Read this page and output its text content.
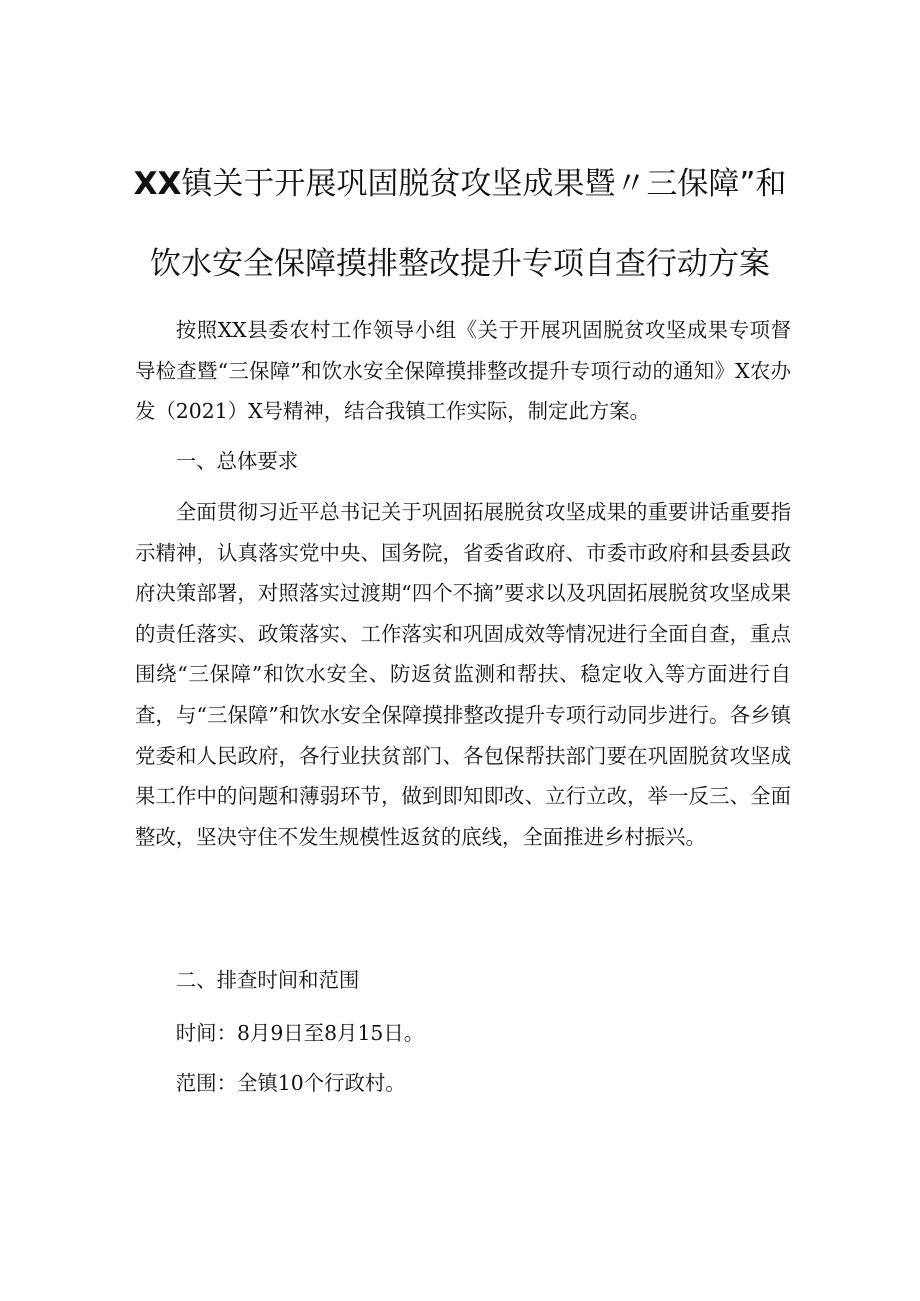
XX镇关于开展巩固脱贫攻坚成果暨〃三保障”和
饮水安全保障摸排整改提升专项自查行动方案

按照XX县委农村工作领导小组《关于开展巩固脱贫攻坚成果专项督导检查暨“三保障”和饮水安全保障摸排整改提升专项行动的通知》X农办发（2021）X号精神，结合我镇工作实际，制定此方案。

一、总体要求

全面贯彻习近平总书记关于巩固拓展脱贫攻坚成果的重要讲话重要指示精神，认真落实党中央、国务院，省委省政府、市委市政府和县委县政府决策部署，对照落实过渡期“四个不摘”要求以及巩固拓展脱贫攻坚成果的责任落实、政策落实、工作落实和巩固成效等情况进行全面自查，重点围绕“三保障”和饮水安全、防返贫监测和帮扶、稳定收入等方面进行自查，与“三保障”和饮水安全保障摸排整改提升专项行动同步进行。各乡镇党委和人民政府，各行业扶贫部门、各包保帮扶部门要在巩固脱贫攻坚成果工作中的问题和薄弱环节，做到即知即改、立行立改，举一反三、全面整改，坚决守住不发生规模性返贫的底线，全面推进乡村振兴。

二、排查时间和范围

时间：8月9日至8月15日。

范围：全镇10个行政村。
